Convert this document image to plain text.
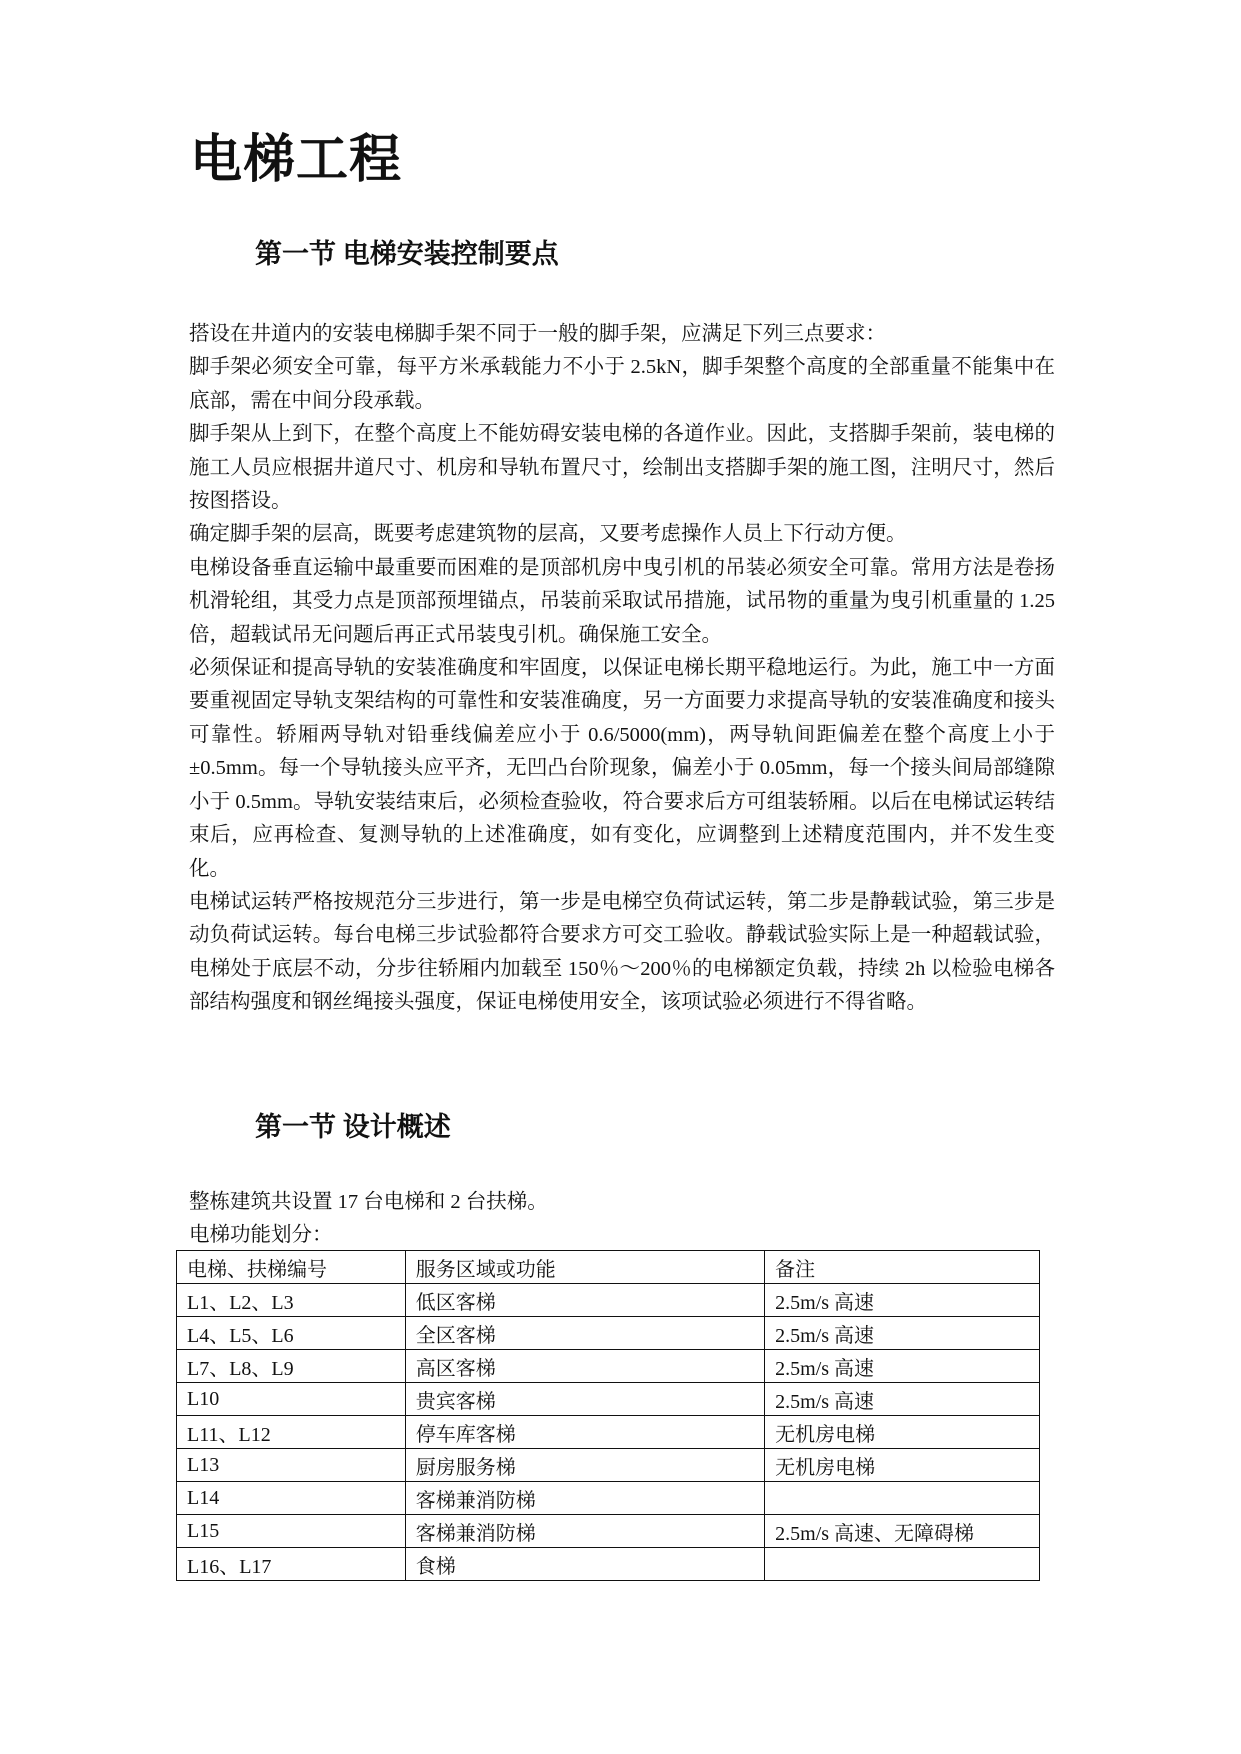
电梯工程
第一节 电梯安装控制要点

搭设在井道内的安装电梯脚手架不同于一般的脚手架，应满足下列三点要求：

脚手架必须安全可靠，每平方米承载能力不小于 2.5kN，脚手架整个高度的全部重量不能集中在底部，需在中间分段承载。

脚手架从上到下，在整个高度上不能妨碍安装电梯的各道作业。因此，支搭脚手架前，装电梯的施工人员应根据井道尺寸、机房和导轨布置尺寸，绘制出支搭脚手架的施工图，注明尺寸，然后按图搭设。

确定脚手架的层高，既要考虑建筑物的层高，又要考虑操作人员上下行动方便。

电梯设备垂直运输中最重要而困难的是顶部机房中曳引机的吊装必须安全可靠。常用方法是卷扬机滑轮组，其受力点是顶部预埋锚点，吊装前采取试吊措施，试吊物的重量为曳引机重量的 1.25 倍，超载试吊无问题后再正式吊装曳引机。确保施工安全。

必须保证和提高导轨的安装准确度和牢固度，以保证电梯长期平稳地运行。为此，施工中一方面要重视固定导轨支架结构的可靠性和安装准确度，另一方面要力求提高导轨的安装准确度和接头可靠性。轿厢两导轨对铅垂线偏差应小于 0.6/5000(mm)，两导轨间距偏差在整个高度上小于±0.5mm。每一个导轨接头应平齐，无凹凸台阶现象，偏差小于 0.05mm，每一个接头间局部缝隙小于 0.5mm。导轨安装结束后，必须检查验收，符合要求后方可组装轿厢。以后在电梯试运转结束后，应再检查、复测导轨的上述准确度，如有变化，应调整到上述精度范围内，并不发生变化。

电梯试运转严格按规范分三步进行，第一步是电梯空负荷试运转，第二步是静载试验，第三步是动负荷试运转。每台电梯三步试验都符合要求方可交工验收。静载试验实际上是一种超载试验，电梯处于底层不动，分步往轿厢内加载至 150％～200％的电梯额定负载，持续 2h 以检验电梯各部结构强度和钢丝绳接头强度，保证电梯使用安全，该项试验必须进行不得省略。

第一节 设计概述

整栋建筑共设置 17 台电梯和 2 台扶梯。

电梯功能划分：

电梯、扶梯编号	服务区域或功能	备注
L1、L2、L3	低区客梯	2.5m/s 高速
L4、L5、L6	全区客梯	2.5m/s 高速
L7、L8、L9	高区客梯	2.5m/s 高速
L10	贵宾客梯	2.5m/s 高速
L11、L12	停车库客梯	无机房电梯
L13	厨房服务梯	无机房电梯
L14	客梯兼消防梯	
L15	客梯兼消防梯	2.5m/s 高速、无障碍梯
L16、L17	食梯	
